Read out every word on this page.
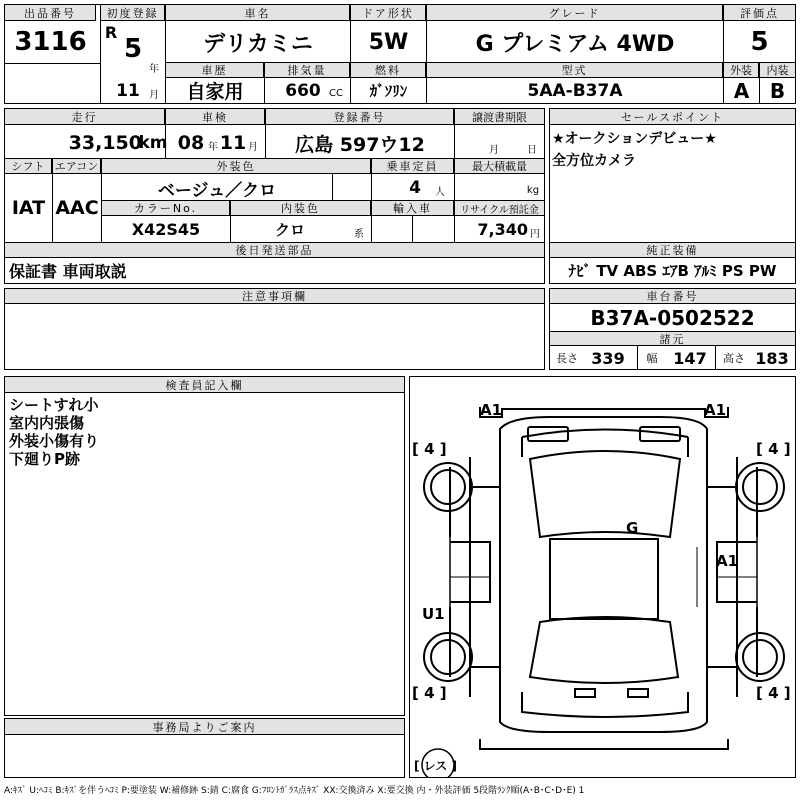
出品番号
3116
初度登録
R
5
年
11 月
車名
デリカミニ
ドア形状
5W
グレード
G プレミアム 4WD
評価点
5
車歴
自家用
排気量
660 CC
燃料
ｶﾞｿﾘﾝ
型式
5AA-B37A
外装	内装
A	B
走行
33,150
km
車検
08 年 11 月
登録番号
広島 597ウ12
譲渡書期限
月	日
シフト エアコン
IAT AAC
外装色
ベージュ／クロ
乗車定員
4	人
最大積載量
kg
カラーNo.
X42S45
内装色
クロ	系
輸入車	リサイクル預託金
7,340 円
後日発送部品
保証書 車両取説
セールスポイント
★オークションデビュー★
全方位カメラ
純正装備
ﾅﾋﾞ TV ABS ｴｱB ｱﾙﾐ PS PW
注意事項欄	車台番号
B37A-0502522
諸元
長さ 339 幅 147 高さ 183
検査員記入欄
シートすれ小
室内内張傷
外装小傷有り
下廻りP跡
事務局よりご案内
A1	A1
[ 4 ]	[ 4 ]
G
A1
U1
[ 4 ]	[ 4 ]
[ レス ]
A:ｷｽﾞ U:ﾍｺﾐ B:ｷｽﾞを伴うﾍｺﾐ P:要塗装 W:補修跡 S:錆 C:腐食 G:ﾌﾛﾝﾄｶﾞﾗｽ点ｷｽﾞ XX:交換済み X:要交換 内・外装評価 5段階ﾗﾝｸ順(A･B･C･D･E) 1
